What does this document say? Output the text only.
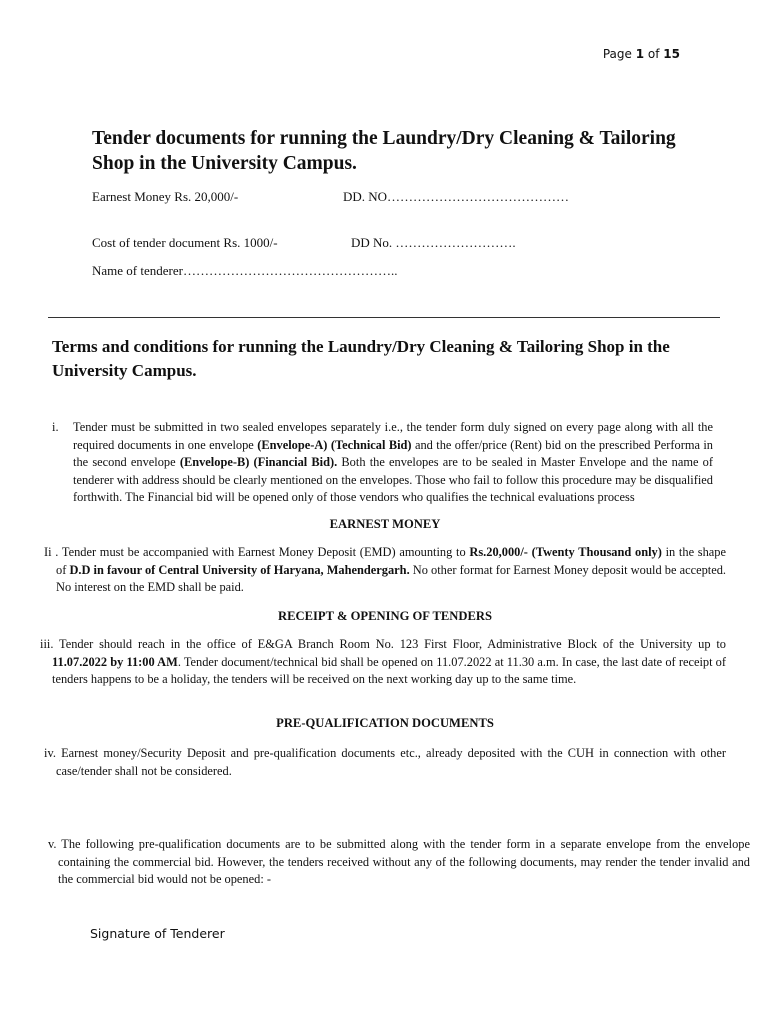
Page 1 of 15
Tender documents for running the Laundry/Dry Cleaning & Tailoring Shop in the University Campus.
Earnest Money Rs. 20,000/-	DD. NO……………………………………
Cost of tender document Rs. 1000/-	DD No. ……………………….
Name of tenderer…………………………………………..
Terms and conditions for running the Laundry/Dry Cleaning & Tailoring Shop in the University Campus.
i. Tender must be submitted in two sealed envelopes separately i.e., the tender form duly signed on every page along with all the required documents in one envelope (Envelope-A) (Technical Bid) and the offer/price (Rent) bid on the prescribed Performa in the second envelope (Envelope-B) (Financial Bid). Both the envelopes are to be sealed in Master Envelope and the name of tenderer with address should be clearly mentioned on the envelopes. Those who fail to follow this procedure may be disqualified forthwith. The Financial bid will be opened only of those vendors who qualifies the technical evaluations process
EARNEST MONEY
Ii . Tender must be accompanied with Earnest Money Deposit (EMD) amounting to Rs.20,000/- (Twenty Thousand only) in the shape of D.D in favour of Central University of Haryana, Mahendergarh. No other format for Earnest Money deposit would be accepted. No interest on the EMD shall be paid.
RECEIPT & OPENING OF TENDERS
iii. Tender should reach in the office of E&GA Branch Room No. 123 First Floor, Administrative Block of the University up to 11.07.2022 by 11:00 AM. Tender document/technical bid shall be opened on 11.07.2022 at 11.30 a.m. In case, the last date of receipt of tenders happens to be a holiday, the tenders will be received on the next working day up to the same time.
PRE-QUALIFICATION DOCUMENTS
iv. Earnest money/Security Deposit and pre-qualification documents etc., already deposited with the CUH in connection with other case/tender shall not be considered.
v. The following pre-qualification documents are to be submitted along with the tender form in a separate envelope from the envelope containing the commercial bid. However, the tenders received without any of the following documents, may render the tender invalid and the commercial bid would not be opened: -
Signature of Tenderer
